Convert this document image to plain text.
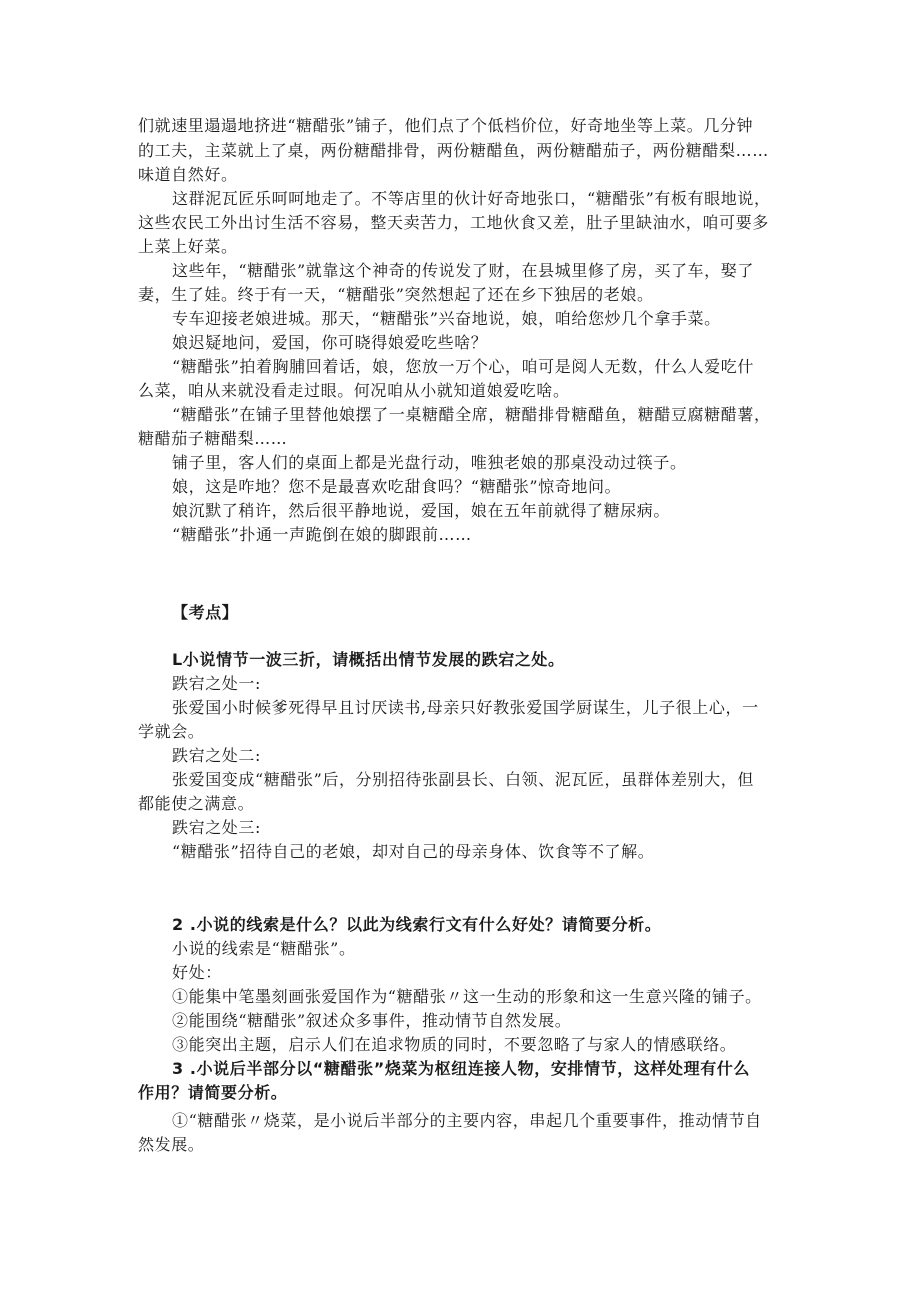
们就速里遢遢地挤进“糖醋张”铺子，他们点了个低档价位，好奇地坐等上菜。几分钟
的工夫，主菜就上了桌，两份糖醋排骨，两份糖醋鱼，两份糖醋茄子，两份糖醋梨……
味道自然好。
这群泥瓦匠乐呵呵地走了。不等店里的伙计好奇地张口，“糖醋张”有板有眼地说，
这些农民工外出讨生活不容易，整天卖苦力，工地伙食又差，肚子里缺油水，咱可要多
上菜上好菜。
这些年，“糖醋张”就靠这个神奇的传说发了财，在县城里修了房，买了车，娶了
妻，生了娃。终于有一天，“糖醋张”突然想起了还在乡下独居的老娘。
专车迎接老娘进城。那天，“糖醋张”兴奋地说，娘，咱给您炒几个拿手菜。
娘迟疑地问，爱国，你可晓得娘爱吃些啥？
“糖醋张”拍着胸脯回着话，娘，您放一万个心，咱可是阅人无数，什么人爱吃什
么菜，咱从来就没看走过眼。何况咱从小就知道娘爱吃啥。
“糖醋张”在铺子里替他娘摆了一桌糖醋全席，糖醋排骨糖醋鱼，糖醋豆腐糖醋薯，
糖醋茄子糖醋梨……
铺子里，客人们的桌面上都是光盘行动，唯独老娘的那桌没动过筷子。
娘，这是咋地？您不是最喜欢吃甜食吗？“糖醋张”惊奇地问。
娘沉默了稍许，然后很平静地说，爱国，娘在五年前就得了糖尿病。
“糖醋张”扑通一声跪倒在娘的脚跟前……
【考点】
L小说情节一波三折，请概括出情节发展的跌宕之处。
跌宕之处一:
张爱国小时候爹死得早且讨厌读书,母亲只好教张爱国学厨谋生，儿子很上心，一
学就会。
跌宕之处二:
张爱国变成“糖醋张”后，分别招待张副县长、白领、泥瓦匠，虽群体差别大，但
都能使之满意。
跌宕之处三:
“糖醋张”招待自己的老娘，却对自己的母亲身体、饮食等不了解。
2 .小说的线索是什么？以此为线索行文有什么好处？请简要分析。
小说的线索是“糖醋张”。
好处：
①能集中笔墨刻画张爱国作为“糖醋张〃这一生动的形象和这一生意兴隆的铺子。
②能围绕“糖醋张”叙述众多事件，推动情节自然发展。
③能突出主题，启示人们在追求物质的同时，不要忽略了与家人的情感联络。
3 .小说后半部分以“糖醋张”烧菜为枢纽连接人物，安排情节，这样处理有什么
作用？请简要分析。
①“糖醋张〃烧菜，是小说后半部分的主要内容，串起几个重要事件，推动情节自
然发展。
